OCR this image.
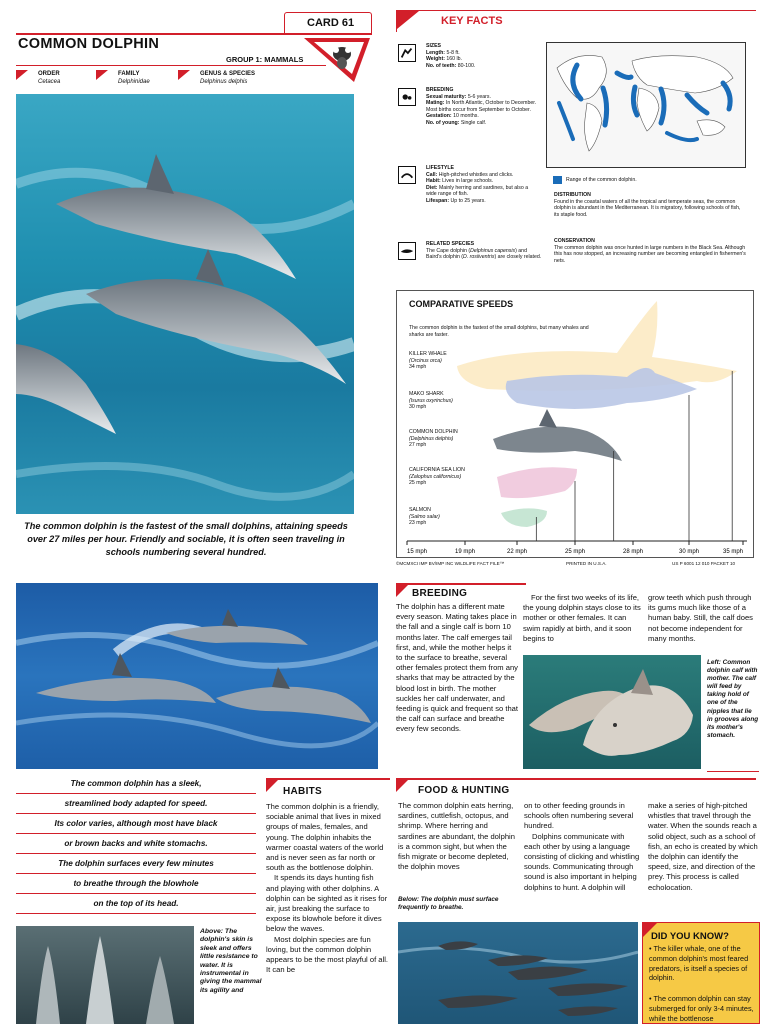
CARD 61
COMMON DOLPHIN
GROUP 1: MAMMALS
ORDER
Cetacea
FAMILY
Delphinidae
GENUS & SPECIES
Delphinus delphis
The common dolphin is the fastest of the small dolphins, attaining speeds over 27 miles per hour. Friendly and sociable, it is often seen traveling in schools numbering several hundred.
KEY FACTS
SIZES
Length: 5-8 ft.
Weight: 160 lb.
No. of teeth: 80-100.
BREEDING
Sexual maturity: 5-6 years.
Mating: In North Atlantic, October to December. Most births occur from September to October.
Gestation: 10 months.
No. of young: Single calf.
LIFESTYLE
Call: High-pitched whistles and clicks.
Habit: Lives in large schools.
Diet: Mainly herring and sardines, but also a wide range of fish.
Lifespan: Up to 25 years.
RELATED SPECIES
The Cape dolphin (Delphinus capensis) and Baird's dolphin (D. rosiiventris) are closely related.
Range of the common dolphin.
DISTRIBUTION
Found in the coastal waters of all the tropical and temperate seas, the common dolphin is abundant in the Mediterranean. It is migratory, following schools of fish, its staple food.
CONSERVATION
The common dolphin was once hunted in large numbers in the Black Sea. Although this has now stopped, an increasing number are becoming entangled in fishermen's nets.
COMPARATIVE SPEEDS
The common dolphin is the fastest of the small dolphins, but many whales and sharks are faster.
15 mph	19 mph	22 mph	25 mph	28 mph	30 mph	35 mph
KILLER WHALE
(Orcinus orca)
34 mph
MAKO SHARK
(Isurus oxyrinchus)
30 mph
COMMON DOLPHIN
(Delphinus delphis)
27 mph
CALIFORNIA SEA LION
(Zalophus californicus)
25 mph
SALMON
(Salmo salar)
23 mph
©MCMXCI IMP BV/IMP INC WILDLIFE FACT FILE™	PRINTED IN U.S.A.	US P 6001 12 010 PACKET 10
The common dolphin has a sleek,
streamlined body adapted for speed.
Its color varies, although most have black
or brown backs and white stomachs.
The dolphin surfaces every few minutes
to breathe through the blowhole
on the top of its head.
Above: The dolphin's skin is sleek and offers little resistance to water. It is instrumental in giving the mammal its agility and
HABITS

The common dolphin is a friendly, sociable animal that lives in mixed groups of males, females, and young. The dolphin inhabits the warmer coastal waters of the world and is never seen as far north or south as the bottlenose dolphin.

It spends its days hunting fish and playing with other dolphins. A dolphin can be sighted as it rises for air, just breaking the surface to expose its blowhole before it dives below the waves.

Most dolphin species are fun loving, but the common dolphin appears to be the most playful of all. It can be

BREEDING
The dolphin has a different mate every season. Mating takes place in the fall and a single calf is born 10 months later. The calf emerges tail first, and, while the mother helps it to the surface to breathe, several other females protect them from any sharks that may be attracted by the blood lost in birth. The mother suckles her calf underwater, and feeding is quick and frequent so that the calf can surface and breathe every few seconds.
For the first two weeks of its life, the young dolphin stays close to its mother or other females. It can swim rapidly at birth, and it soon begins to
grow teeth which push through its gums much like those of a human baby. Still, the calf does not become independent for many months.
Left: Common dolphin calf with mother. The calf will feed by taking hold of one of the nipples that lie in grooves along its mother's stomach.
FOOD & HUNTING
The common dolphin eats herring, sardines, cuttlefish, octopus, and shrimp. Where herring and sardines are abundant, the dolphin is a common sight, but when the fish migrate or become depleted, the dolphin moves
Below: The dolphin must surface frequently to breathe.

on to other feeding grounds in schools often numbering several hundred.

Dolphins communicate with each other by using a language consisting of clicking and whistling sounds. Communicating through sound is also important in helping dolphins to hunt. A dolphin will

make a series of high-pitched whistles that travel through the water. When the sounds reach a solid object, such as a school of fish, an echo is created by which the dolphin can identify the speed, size, and direction of the prey. This process is called echolocation.
DID YOU KNOW?
• The killer whale, one of the common dolphin's most feared predators, is itself a species of dolphin.
• The common dolphin can stay submerged for only 3-4 minutes, while the bottlenose
